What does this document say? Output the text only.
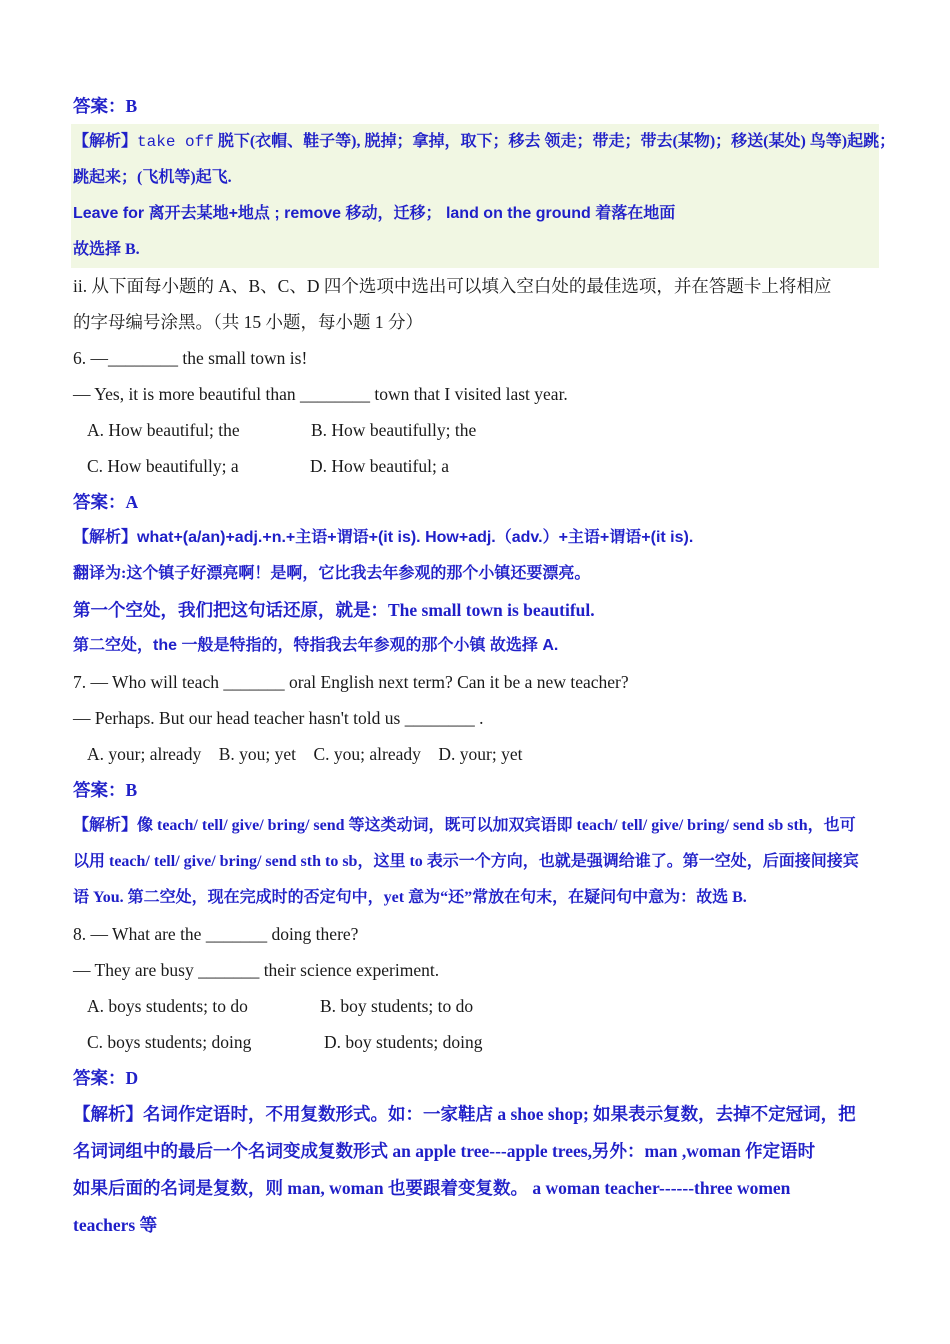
答案：B
【解析】take off 脱下(衣帽、鞋子等), 脱掉；拿掉，取下；移去 领走；带走；带去(某物)；移送(某处) 鸟等)起跳；
跳起来；(飞机等)起飞.
Leave for 离开去某地+地点 ; remove 移动，迁移； land on the ground 着落在地面
故选择 B.
ii. 从下面每小题的 A、B、C、D 四个选项中选出可以填入空白处的最佳选项，并在答题卡上将相应
的字母编号涂黑。（共 15 小题，每小题 1 分）
6. —________ the small town is!
— Yes, it is more beautiful than ________ town that I visited last year.
A. How beautiful; the	B. How beautifully; the
C. How beautifully; a	D. How beautiful; a
答案：A
【解析】what+(a/an)+adj.+n.+主语+谓语+(it is). How+adj.（adv.）+主语+谓语+(it is).
翻译为:这个镇子好漂亮啊！是啊，它比我去年参观的那个小镇还要漂亮。
第一个空处，我们把这句话还原，就是：The small town is beautiful.
第二空处，the 一般是特指的，特指我去年参观的那个小镇 故选择 A.
7. — Who will teach _______ oral English next term? Can it be a new teacher?
— Perhaps. But our head teacher hasn't told us ________ .
A. your; already    B. you; yet    C. you; already    D. your; yet
答案：B
【解析】像 teach/ tell/ give/ bring/ send 等这类动词，既可以加双宾语即 teach/ tell/ give/ bring/ send sb sth，也可
以用 teach/ tell/ give/ bring/ send sth to sb，这里 to 表示一个方向，也就是强调给谁了。第一空处，后面接间接宾
语 You. 第二空处，现在完成时的否定句中，yet 意为“还”常放在句末，在疑问句中意为：故选 B.
8. — What are the _______ doing there?
— They are busy _______ their science experiment.
A. boys students; to do	B. boy students; to do
C. boys students; doing	D. boy students; doing
答案：D
【解析】名词作定语时，不用复数形式。如：一家鞋店 a shoe shop; 如果表示复数，去掉不定冠词，把
名词词组中的最后一个名词变成复数形式 an apple tree---apple trees,另外：man ,woman 作定语时
如果后面的名词是复数，则 man, woman 也要跟着变复数。 a woman teacher------three women
teachers 等
